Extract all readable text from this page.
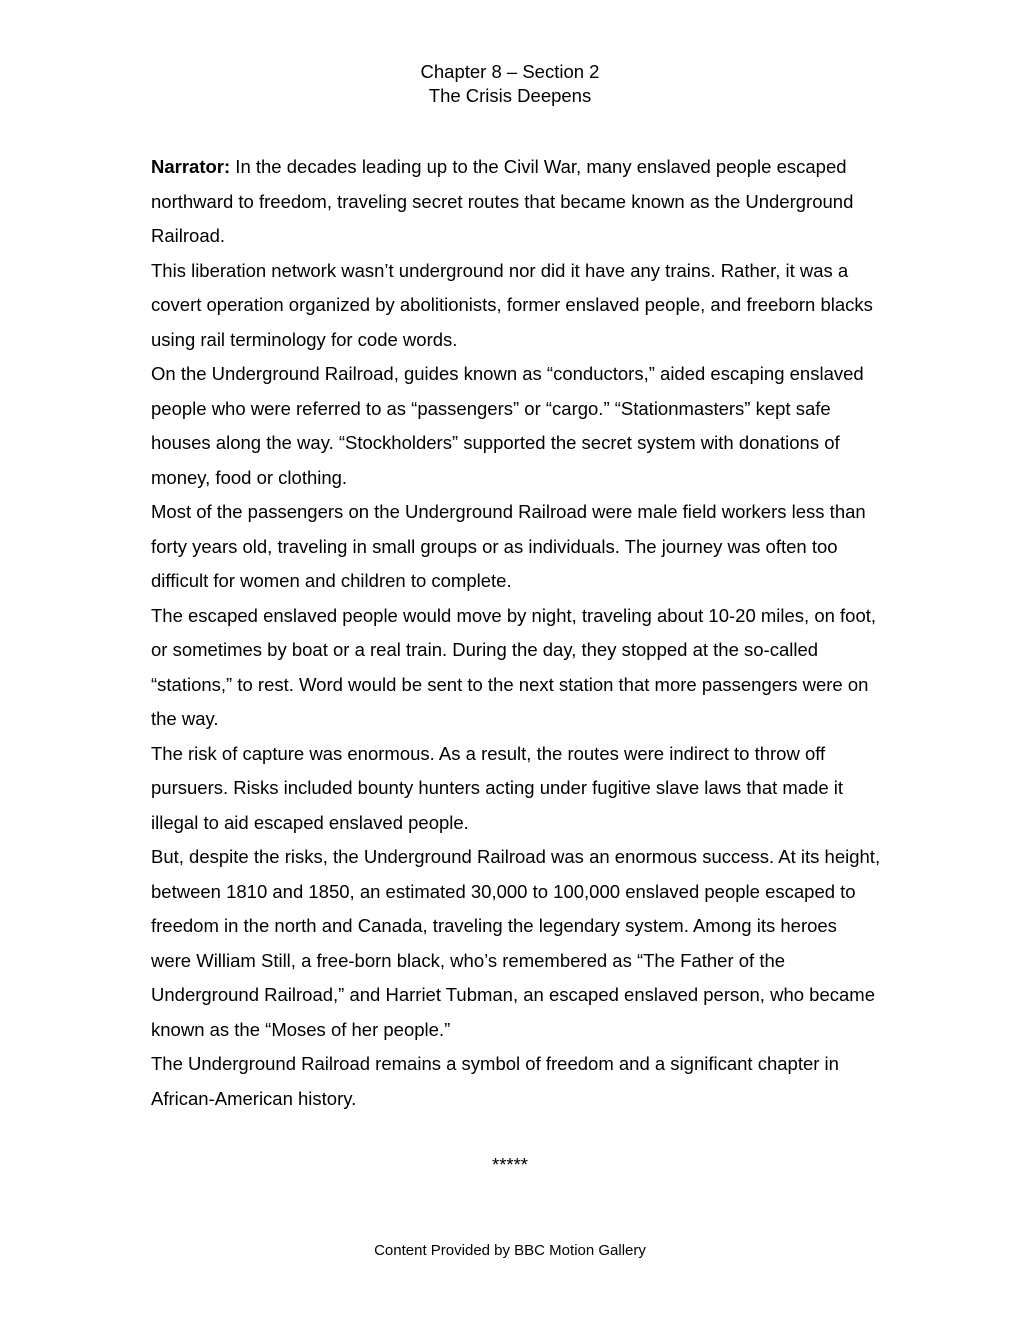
Chapter 8 – Section 2
The Crisis Deepens

Narrator: In the decades leading up to the Civil War, many enslaved people escaped northward to freedom, traveling secret routes that became known as the Underground Railroad.

This liberation network wasn’t underground nor did it have any trains. Rather, it was a covert operation organized by abolitionists, former enslaved people, and freeborn blacks using rail terminology for code words.

On the Underground Railroad, guides known as “conductors,” aided escaping enslaved people who were referred to as “passengers” or “cargo.” “Stationmasters” kept safe houses along the way. “Stockholders” supported the secret system with donations of money, food or clothing.

Most of the passengers on the Underground Railroad were male field workers less than forty years old, traveling in small groups or as individuals. The journey was often too difficult for women and children to complete.

The escaped enslaved people would move by night, traveling about 10-20 miles, on foot, or sometimes by boat or a real train. During the day, they stopped at the so-called “stations,” to rest. Word would be sent to the next station that more passengers were on the way.

The risk of capture was enormous. As a result, the routes were indirect to throw off pursuers. Risks included bounty hunters acting under fugitive slave laws that made it illegal to aid escaped enslaved people.

But, despite the risks, the Underground Railroad was an enormous success. At its height, between 1810 and 1850, an estimated 30,000 to 100,000 enslaved people escaped to freedom in the north and Canada, traveling the legendary system. Among its heroes were William Still, a free-born black, who’s remembered as “The Father of the Underground Railroad,” and Harriet Tubman, an escaped enslaved person, who became known as the “Moses of her people.”

The Underground Railroad remains a symbol of freedom and a significant chapter in African-American history.

*****
Content Provided by BBC Motion Gallery
